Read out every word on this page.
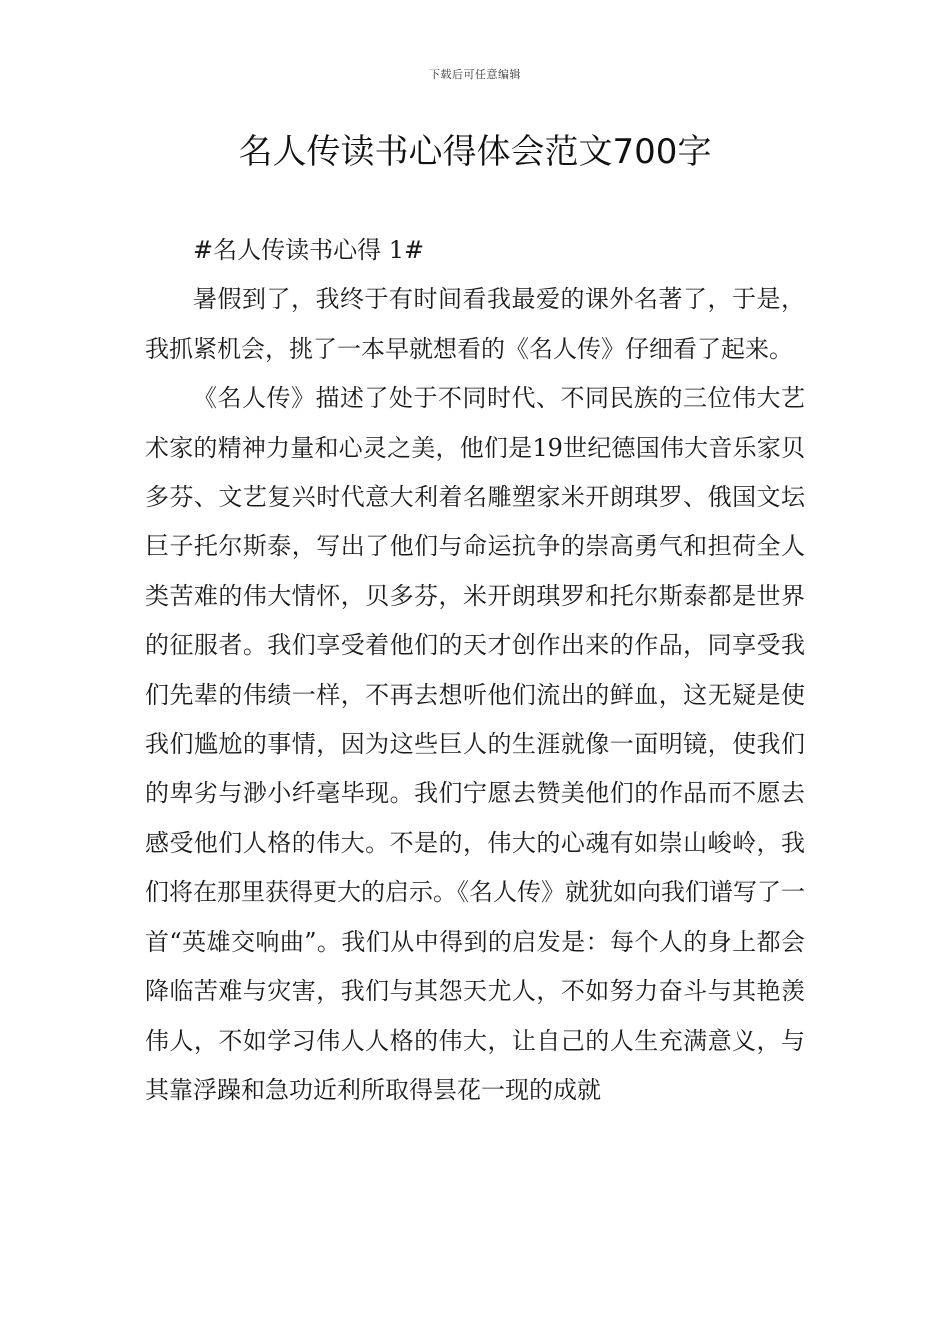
下载后可任意编辑
名人传读书心得体会范文700字

#名人传读书心得 1#

暑假到了，我终于有时间看我最爱的课外名著了，于是，我抓紧机会，挑了一本早就想看的《名人传》仔细看了起来。

《名人传》描述了处于不同时代、不同民族的三位伟大艺术家的精神力量和心灵之美，他们是19世纪德国伟大音乐家贝多芬、文艺复兴时代意大利着名雕塑家米开朗琪罗、俄国文坛巨子托尔斯泰，写出了他们与命运抗争的崇高勇气和担荷全人类苦难的伟大情怀，贝多芬，米开朗琪罗和托尔斯泰都是世界的征服者。我们享受着他们的天才创作出来的作品，同享受我们先辈的伟绩一样，不再去想听他们流出的鲜血，这无疑是使我们尴尬的事情，因为这些巨人的生涯就像一面明镜，使我们的卑劣与渺小纤毫毕现。我们宁愿去赞美他们的作品而不愿去感受他们人格的伟大。不是的，伟大的心魂有如崇山峻岭，我们将在那里获得更大的启示。《名人传》就犹如向我们谱写了一首“英雄交响曲”。我们从中得到的启发是：每个人的身上都会降临苦难与灾害，我们与其怨天尤人，不如努力奋斗与其艳羡伟人，不如学习伟人人格的伟大，让自己的人生充满意义，与其靠浮躁和急功近利所取得昙花一现的成就
